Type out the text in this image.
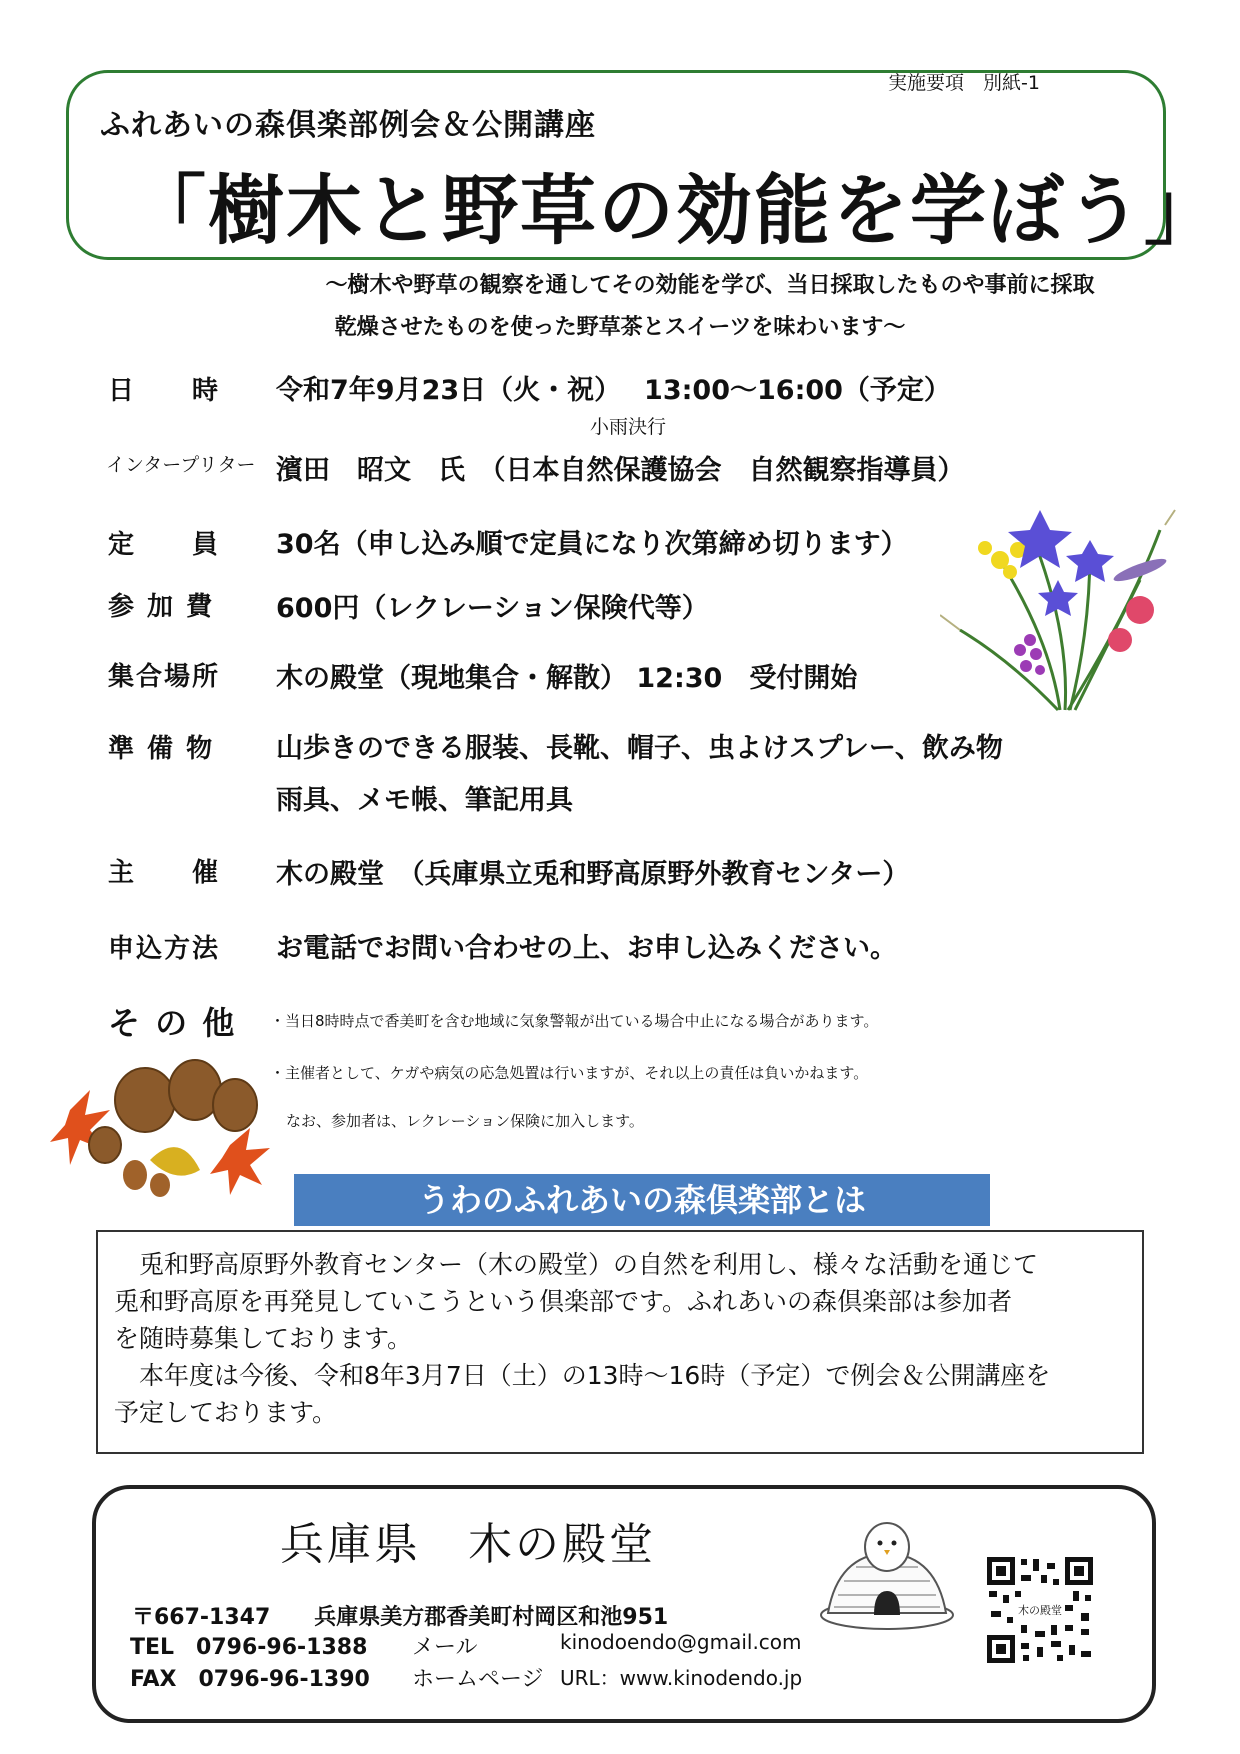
実施要項　別紙-1
ふれあいの森倶楽部例会＆公開講座
「樹木と野草の効能を学ぼう」
～樹木や野草の観察を通してその効能を学び、当日採取したものや事前に採取
乾燥させたものを使った野草茶とスイーツを味わいます～
日　　時 令和7年9月23日（火・祝）　 13:00～16:00（予定）
小雨決行
インタープリター 濱田　昭文　氏　（日本自然保護協会　自然観察指導員）
定　　員 30名（申し込み順で定員になり次第締め切ります）
参 加 費 600円（レクレーション保険代等）
集合場所 木の殿堂（現地集合・解散） 12:30　受付開始
準 備 物 山歩きのできる服装、長靴、帽子、虫よけスプレー、飲み物
雨具、メモ帳、筆記用具
主　　催 木の殿堂　（兵庫県立兎和野高原野外教育センター）
申込方法 お電話でお問い合わせの上、お申し込みください。
そ の 他 ・当日8時時点で香美町を含む地域に気象警報が出ている場合中止になる場合があります。
・主催者として、ケガや病気の応急処置は行いますが、それ以上の責任は負いかねます。
なお、参加者は、レクレーション保険に加入します。
うわのふれあいの森倶楽部とは
　兎和野高原野外教育センター（木の殿堂）の自然を利用し、様々な活動を通じて
兎和野高原を再発見していこうという倶楽部です。ふれあいの森倶楽部は参加者
を随時募集しております。
　本年度は今後、令和8年3月7日（土）の13時～16時（予定）で例会＆公開講座を
予定しております。
兵庫県　木の殿堂
〒667-1347　　兵庫県美方郡香美町村岡区和池951
TEL　0796-96-1388 メール	kinodoendo@gmail.com
FAX　0796-96-1390 ホームページ URL：www.kinodendo.jp
木の殿堂
